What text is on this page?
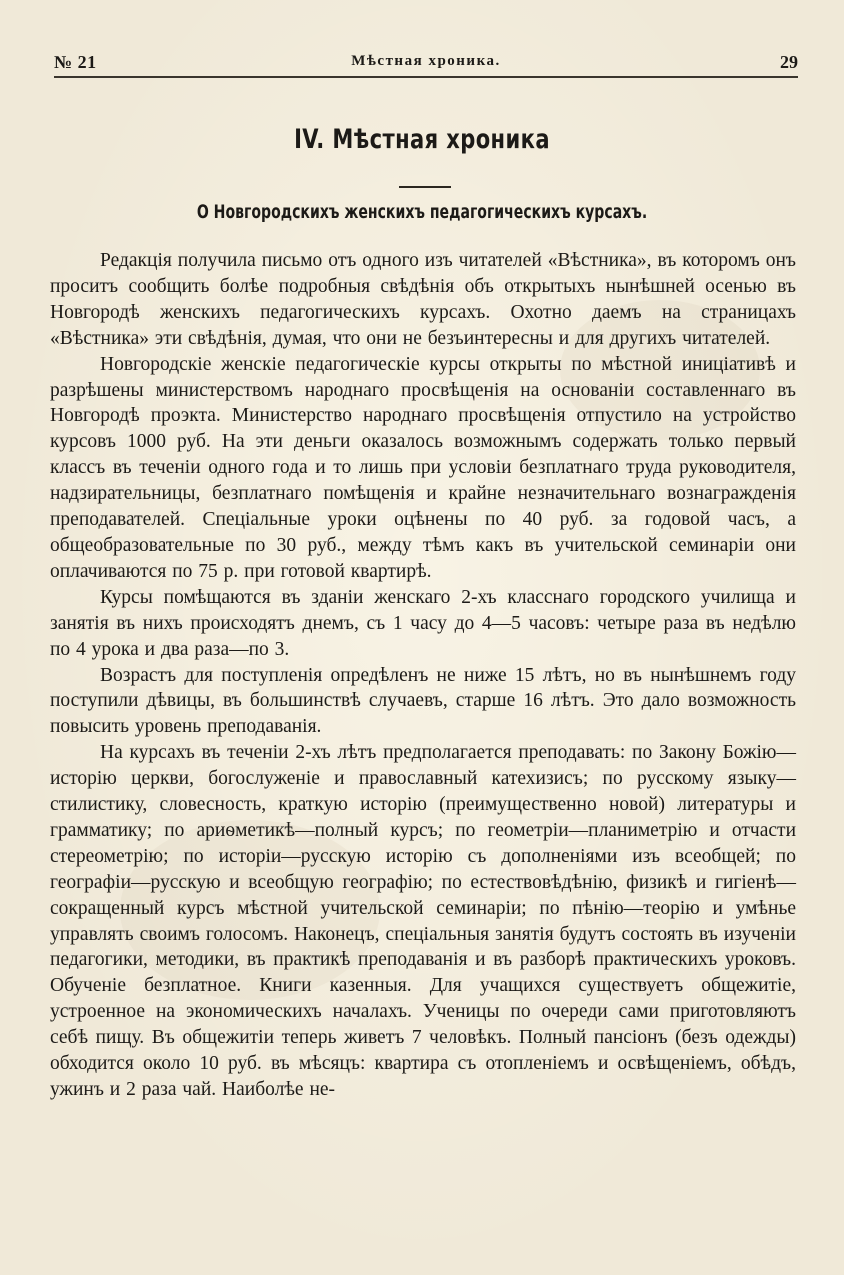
№ 21	Мѣстная хроника.	29
IV. Мѣстная хроника
О Новгородскихъ женскихъ педагогическихъ курсахъ.

Редакція получила письмо отъ одного изъ читателей «Вѣстника», въ которомъ онъ проситъ сообщить болѣе подробныя свѣдѣнія объ открытыхъ нынѣшней осенью въ Новгородѣ женскихъ педагогическихъ курсахъ. Охотно даемъ на страницахъ «Вѣстника» эти свѣдѣнія, думая, что они не безъинтересны и для другихъ читателей.

Новгородскіе женскіе педагогическіе курсы открыты по мѣстной иниціативѣ и разрѣшены министерствомъ народнаго просвѣщенія на основаніи составленнаго въ Новгородѣ проэкта. Министерство народнаго просвѣщенія отпустило на устройство курсовъ 1000 руб. На эти деньги оказалось возможнымъ содержать только первый классъ въ теченіи одного года и то лишь при условіи безплатнаго труда руководителя, надзирательницы, безплатнаго помѣщенія и крайне незначительнаго вознагражденія преподавателей. Спеціальные уроки оцѣнены по 40 руб. за годовой часъ, а общеобразовательные по 30 руб., между тѣмъ какъ въ учительской семинаріи они оплачиваются по 75 р. при готовой квартирѣ.

Курсы помѣщаются въ зданіи женскаго 2-хъ класснаго городского училища и занятія въ нихъ происходятъ днемъ, съ 1 часу до 4—5 часовъ: четыре раза въ недѣлю по 4 урока и два раза—по 3.

Возрастъ для поступленія опредѣленъ не ниже 15 лѣтъ, но въ нынѣшнемъ году поступили дѣвицы, въ большинствѣ случаевъ, старше 16 лѣтъ. Это дало возможность повысить уровень преподаванія.

На курсахъ въ теченіи 2-хъ лѣтъ предполагается преподавать: по Закону Божію—исторію церкви, богослуженіе и православный катехизисъ; по русскому языку—стилистику, словесность, краткую исторію (преимущественно новой) литературы и грамматику; по ариѳметикѣ—полный курсъ; по геометріи—планиметрію и отчасти стереометрію; по исторіи—русскую исторію съ дополненіями изъ всеобщей; по географіи—русскую и всеобщую географію; по естествовѣдѣнію, физикѣ и гигіенѣ—сокращенный курсъ мѣстной учительской семинаріи; по пѣнію—теорію и умѣнье управлять своимъ голосомъ. Наконецъ, спеціальныя занятія будутъ состоять въ изученіи педагогики, методики, въ практикѣ преподаванія и въ разборѣ практическихъ уроковъ. Обученіе безплатное. Книги казенныя. Для учащихся существуетъ общежитіе, устроенное на экономическихъ началахъ. Ученицы по очереди сами приготовляютъ себѣ пищу. Въ общежитіи теперь живетъ 7 человѣкъ. Полный пансіонъ (безъ одежды) обходится около 10 руб. въ мѣсяцъ: квартира съ отопленіемъ и освѣщеніемъ, обѣдъ, ужинъ и 2 раза чай. Наиболѣе не-
